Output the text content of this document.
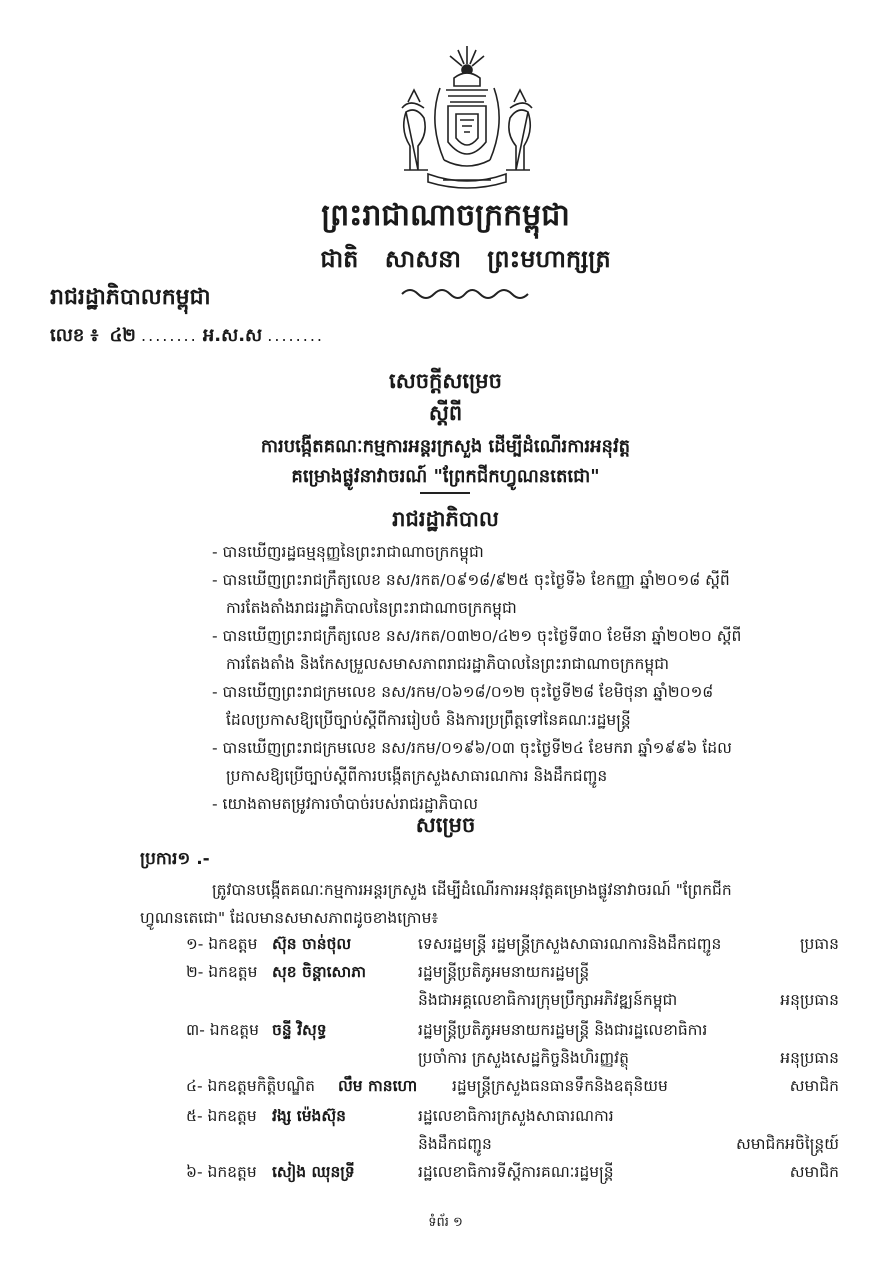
ព្រះរាជាណាចក្រកម្ពុជា
ជាតិ សាសនា ព្រះមហាក្សត្រ
រាជរដ្ឋាភិបាលកម្ពុជា
លេខ ៖ ៤២ ........ អ.ស.ស ........
សេចក្តីសម្រេច
ស្តីពី
ការបង្កើតគណៈកម្មការអន្តរក្រសួង ដើម្បីដំណើរការអនុវត្ត
គម្រោងផ្លូវនាវាចរណ៍ "ព្រែកជីកហ្វូណនតេជោ"
រាជរដ្ឋាភិបាល
- បានឃើញរដ្ឋធម្មនុញ្ញនៃព្រះរាជាណាចក្រកម្ពុជា
- បានឃើញព្រះរាជក្រឹត្យលេខ នស/រកត/០៩១៨/៩២៥ ចុះថ្ងៃទី៦ ខែកញ្ញា ឆ្នាំ២០១៨ ស្តីពី
ការតែងតាំងរាជរដ្ឋាភិបាលនៃព្រះរាជាណាចក្រកម្ពុជា
- បានឃើញព្រះរាជក្រឹត្យលេខ នស/រកត/០៣២០/៤២១ ចុះថ្ងៃទី៣០ ខែមីនា ឆ្នាំ២០២០ ស្តីពី
ការតែងតាំង និងកែសម្រួលសមាសភាពរាជរដ្ឋាភិបាលនៃព្រះរាជាណាចក្រកម្ពុជា
- បានឃើញព្រះរាជក្រមលេខ នស/រកម/០៦១៨/០១២ ចុះថ្ងៃទី២៨ ខែមិថុនា ឆ្នាំ២០១៨
ដែលប្រកាសឱ្យប្រើច្បាប់ស្តីពីការរៀបចំ និងការប្រព្រឹត្តទៅនៃគណៈរដ្ឋមន្ត្រី
- បានឃើញព្រះរាជក្រមលេខ នស/រកម/០១៩៦/០៣ ចុះថ្ងៃទី២៤ ខែមករា ឆ្នាំ១៩៩៦ ដែល
ប្រកាសឱ្យប្រើច្បាប់ស្តីពីការបង្កើតក្រសួងសាធារណការ និងដឹកជញ្ជូន
- យោងតាមតម្រូវការចាំបាច់របស់រាជរដ្ឋាភិបាល
សម្រេច
ប្រការ១ .-
ត្រូវបានបង្កើតគណៈកម្មការអន្តរក្រសួង ដើម្បីដំណើរការអនុវត្តគម្រោងផ្លូវនាវាចរណ៍ "ព្រែកជីក
ហ្វូណនតេជោ" ដែលមានសមាសភាពដូចខាងក្រោម៖
១- ឯកឧត្តម ស៊ុន ចាន់ថុល	ទេសរដ្ឋមន្ត្រី រដ្ឋមន្ត្រីក្រសួងសាធារណការនិងដឹកជញ្ជូន	ប្រធាន
២- ឯកឧត្តម សុខ ចិន្តាសោភា	រដ្ឋមន្ត្រីប្រតិភូអមនាយករដ្ឋមន្ត្រី
និងជាអគ្គលេខាធិការក្រុមប្រឹក្សាអភិវឌ្ឍន៍កម្ពុជា	អនុប្រធាន
៣- ឯកឧត្តម ចន្ទី វិសុទ្ធ	រដ្ឋមន្ត្រីប្រតិភូអមនាយករដ្ឋមន្ត្រី និងជារដ្ឋលេខាធិការ
ប្រចាំការ ក្រសួងសេដ្ឋកិច្ចនិងហិរញ្ញវត្ថុ	អនុប្រធាន
៤- ឯកឧត្តមកិត្តិបណ្ឌិត លឹម កានហោ រដ្ឋមន្ត្រីក្រសួងធនធានទឹកនិងឧតុនិយម	សមាជិក
៥- ឯកឧត្តម វង្ស ម៉េងស៊ុន	រដ្ឋលេខាធិការក្រសួងសាធារណការ
និងដឹកជញ្ជូន	សមាជិកអចិន្ត្រៃយ៍
៦- ឯកឧត្តម សៀង ឈុនទ្រី	រដ្ឋលេខាធិការទីស្តីការគណៈរដ្ឋមន្ត្រី	សមាជិក
ទំព័រ ១
